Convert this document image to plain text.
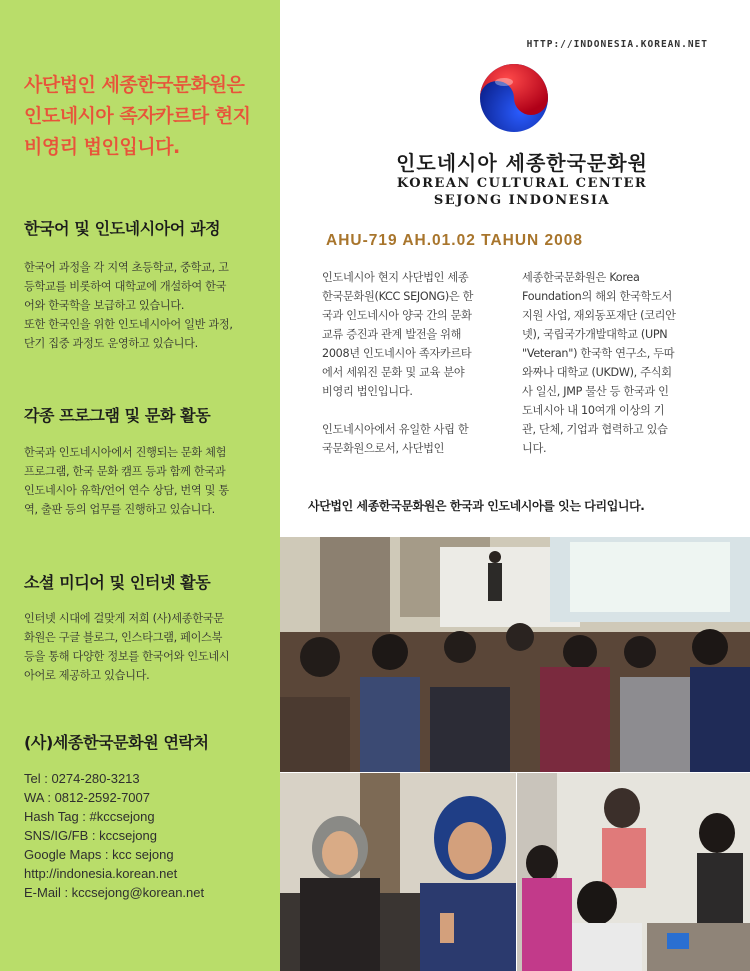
사단법인 세종한국문화원은
인도네시아 족자카르타 현지
비영리 법인입니다.
한국어 및 인도네시아어 과정
한국어 과정을 각 지역 초등학교, 중학교, 고
등학교를 비롯하여 대학교에 개설하여 한국
어와 한국학을 보급하고 있습니다.
또한 한국인을 위한 인도네시아어 일반 과정,
단기 집중 과정도 운영하고 있습니다.
각종 프로그램 및 문화 활동
한국과 인도네시아에서 진행되는 문화 체험
프로그램, 한국 문화 캠프 등과 함께 한국과
인도네시아 유학/언어 연수 상담, 번역 및 통
역, 출판 등의 업무를 진행하고 있습니다.
소셜 미디어 및 인터넷 활동
인터넷 시대에 걸맞게 저희 (사)세종한국문
화원은 구글 블로그, 인스타그램, 페이스북
등을 통해 다양한 정보를 한국어와 인도네시
아어로 제공하고 있습니다.
(사)세종한국문화원 연락처
Tel : 0274-280-3213
WA : 0812-2592-7007
Hash Tag : #kccsejong
SNS/IG/FB : kccsejong
Google Maps : kcc sejong
http://indonesia.korean.net
E-Mail : kccsejong@korean.net
HTTP://INDONESIA.KOREAN.NET
인도네시아 세종한국문화원
KOREAN CULTURAL CENTER
SEJONG INDONESIA
AHU-719 AH.01.02 TAHUN 2008

인도네시아 현지 사단법인 세종
한국문화원(KCC SEJONG)은 한
국과 인도네시아 양국 간의 문화
교류 증진과 관계 발전을 위해
2008년 인도네시아 족자카르타
에서 세워진 문화 및 교육 분야
비영리 법인입니다.

인도네시아에서 유일한 사립 한
국문화원으로서, 사단법인

세종한국문화원은 Korea
Foundation의 해외 한국학도서
지원 사업, 재외동포재단 (코리안
넷), 국립국가개발대학교 (UPN
"Veteran") 한국학 연구소, 두따
와짜나 대학교 (UKDW), 주식회
사 일신, JMP 물산 등 한국과 인
도네시아 내 10여개 이상의 기
관, 단체, 기업과 협력하고 있습
니다.

사단법인 세종한국문화원은 한국과 인도네시아를 잇는 다리입니다.
